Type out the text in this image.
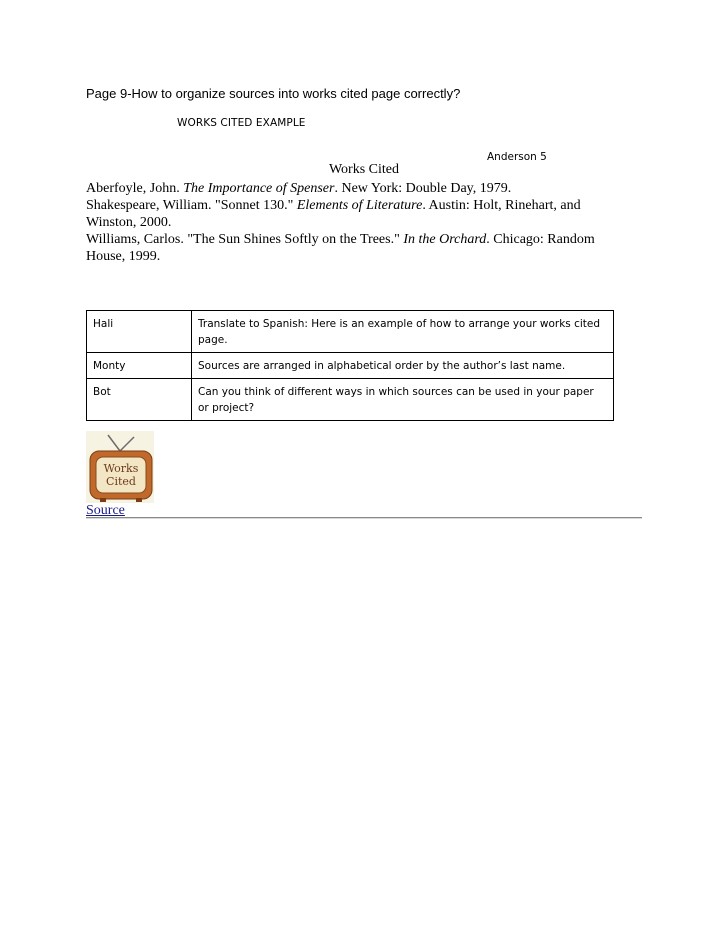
Page 9-How to organize sources into works cited page correctly?
WORKS CITED EXAMPLE
Anderson 5
Works Cited

Aberfoyle, John. The Importance of Spenser. New York: Double Day, 1979.

Shakespeare, William. "Sonnet 130." Elements of Literature. Austin: Holt, Rinehart, and Winston, 2000.

Williams, Carlos. "The Sun Shines Softly on the Trees." In the Orchard. Chicago: Random House, 1999.

Hali	Translate to Spanish: Here is an example of how to arrange your works cited page.
Monty	Sources are arranged in alphabetical order by the author’s last name.
Bot	Can you think of different ways in which sources can be used in your paper or project?
Works
Cited
Source
